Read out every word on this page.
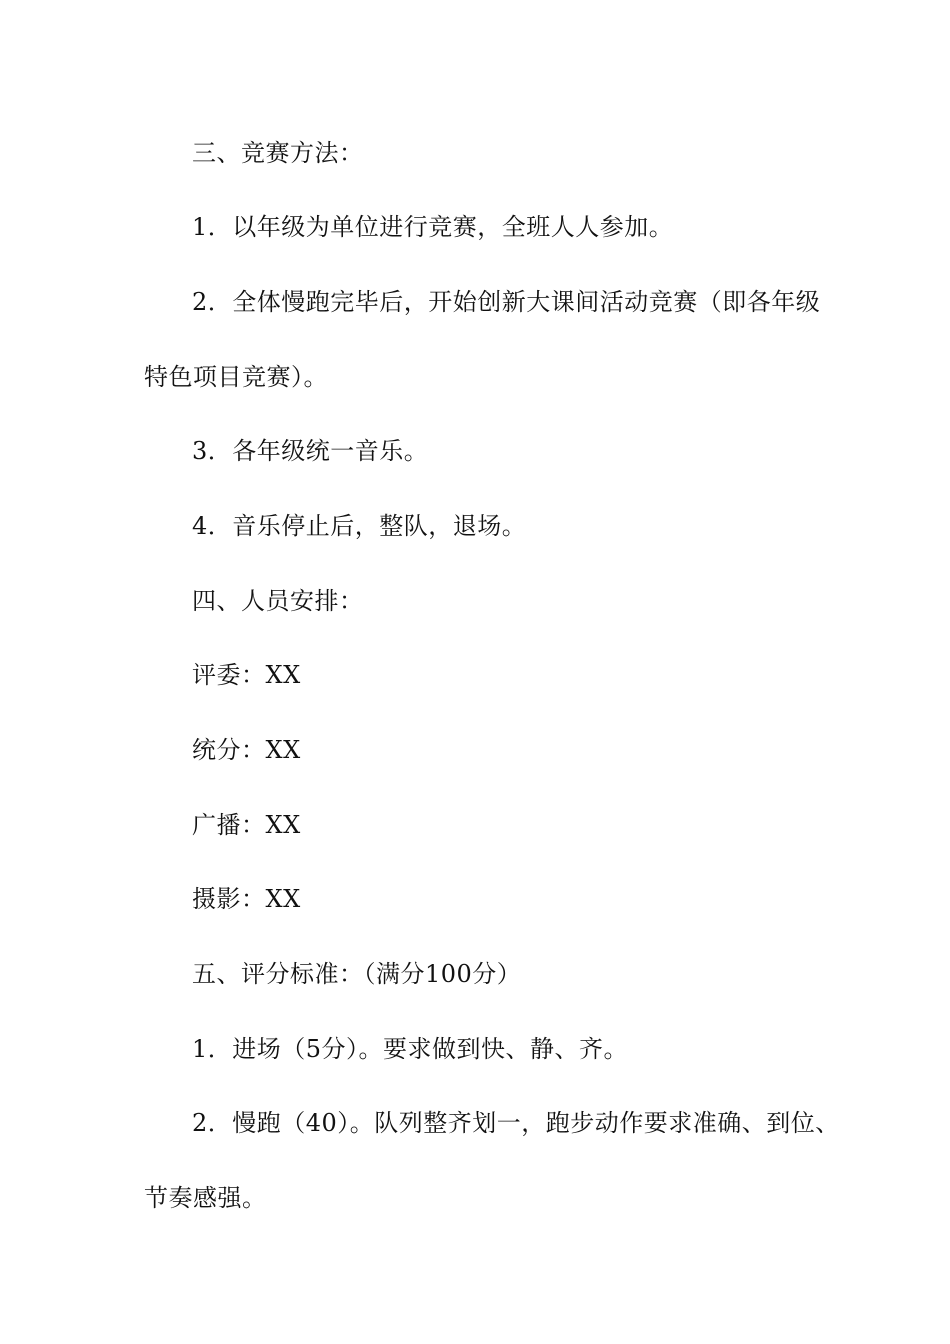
三、竞赛方法：
1．以年级为单位进行竞赛，全班人人参加。
2．全体慢跑完毕后，开始创新大课间活动竞赛（即各年级
特色项目竞赛）。
3．各年级统一音乐。
4．音乐停止后，整队，退场。
四、人员安排：
评委：XX
统分：XX
广播：XX
摄影：XX
五、评分标准：（满分100分）
1．进场（5分）。要求做到快、静、齐。
2．慢跑（40）。队列整齐划一，跑步动作要求准确、到位、
节奏感强。
